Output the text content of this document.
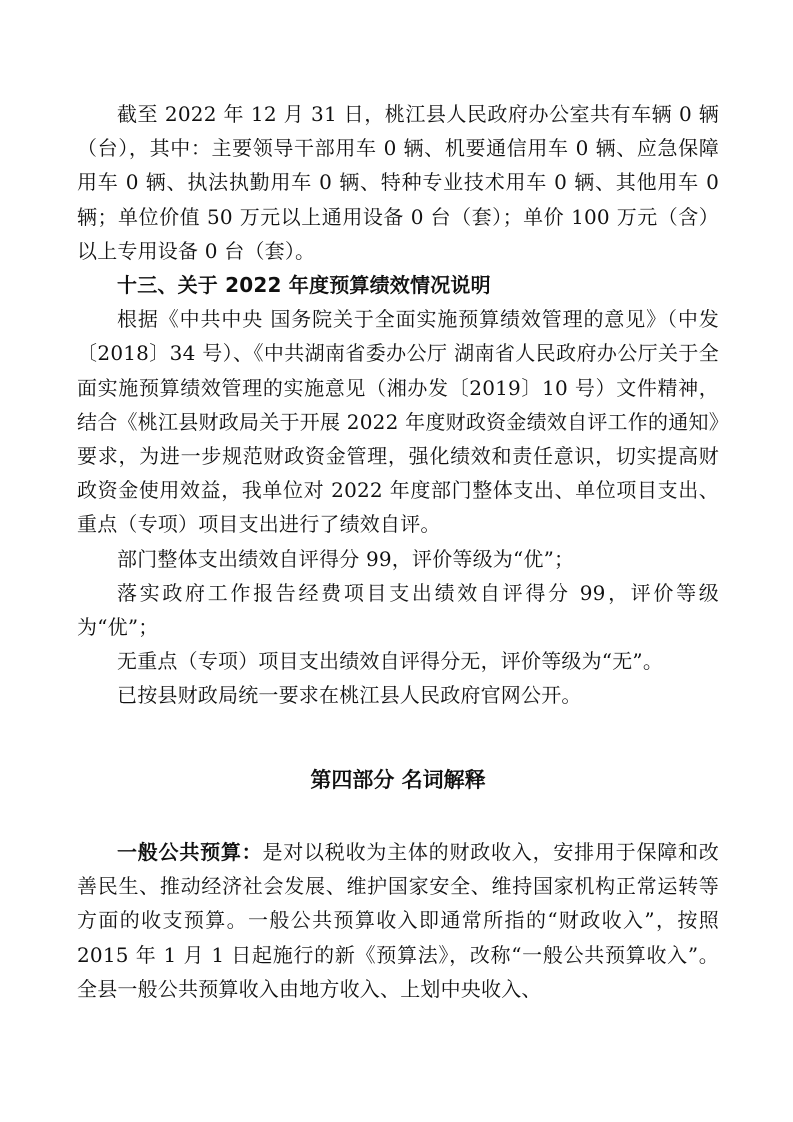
截至 2022 年 12 月 31 日，桃江县人民政府办公室共有车辆 0 辆（台），其中：主要领导干部用车 0 辆、机要通信用车 0 辆、应急保障用车 0 辆、执法执勤用车 0 辆、特种专业技术用车 0 辆、其他用车 0 辆；单位价值 50 万元以上通用设备 0 台（套）；单价 100 万元（含）以上专用设备 0 台（套）。

十三、关于 2022 年度预算绩效情况说明

根据《中共中央 国务院关于全面实施预算绩效管理的意见》（中发〔2018〕34 号）、《中共湖南省委办公厅 湖南省人民政府办公厅关于全面实施预算绩效管理的实施意见（湘办发〔2019〕10 号）文件精神，结合《桃江县财政局关于开展 2022 年度财政资金绩效自评工作的通知》要求，为进一步规范财政资金管理，强化绩效和责任意识，切实提高财政资金使用效益，我单位对 2022 年度部门整体支出、单位项目支出、重点（专项）项目支出进行了绩效自评。

部门整体支出绩效自评得分 99，评价等级为“优”；

落实政府工作报告经费项目支出绩效自评得分 99，评价等级为“优”；

无重点（专项）项目支出绩效自评得分无，评价等级为“无”。

已按县财政局统一要求在桃江县人民政府官网公开。

第四部分 名词解释

一般公共预算：是对以税收为主体的财政收入，安排用于保障和改善民生、推动经济社会发展、维护国家安全、维持国家机构正常运转等方面的收支预算。一般公共预算收入即通常所指的“财政收入”，按照 2015 年 1 月 1 日起施行的新《预算法》，改称“一般公共预算收入”。全县一般公共预算收入由地方收入、上划中央收入、
